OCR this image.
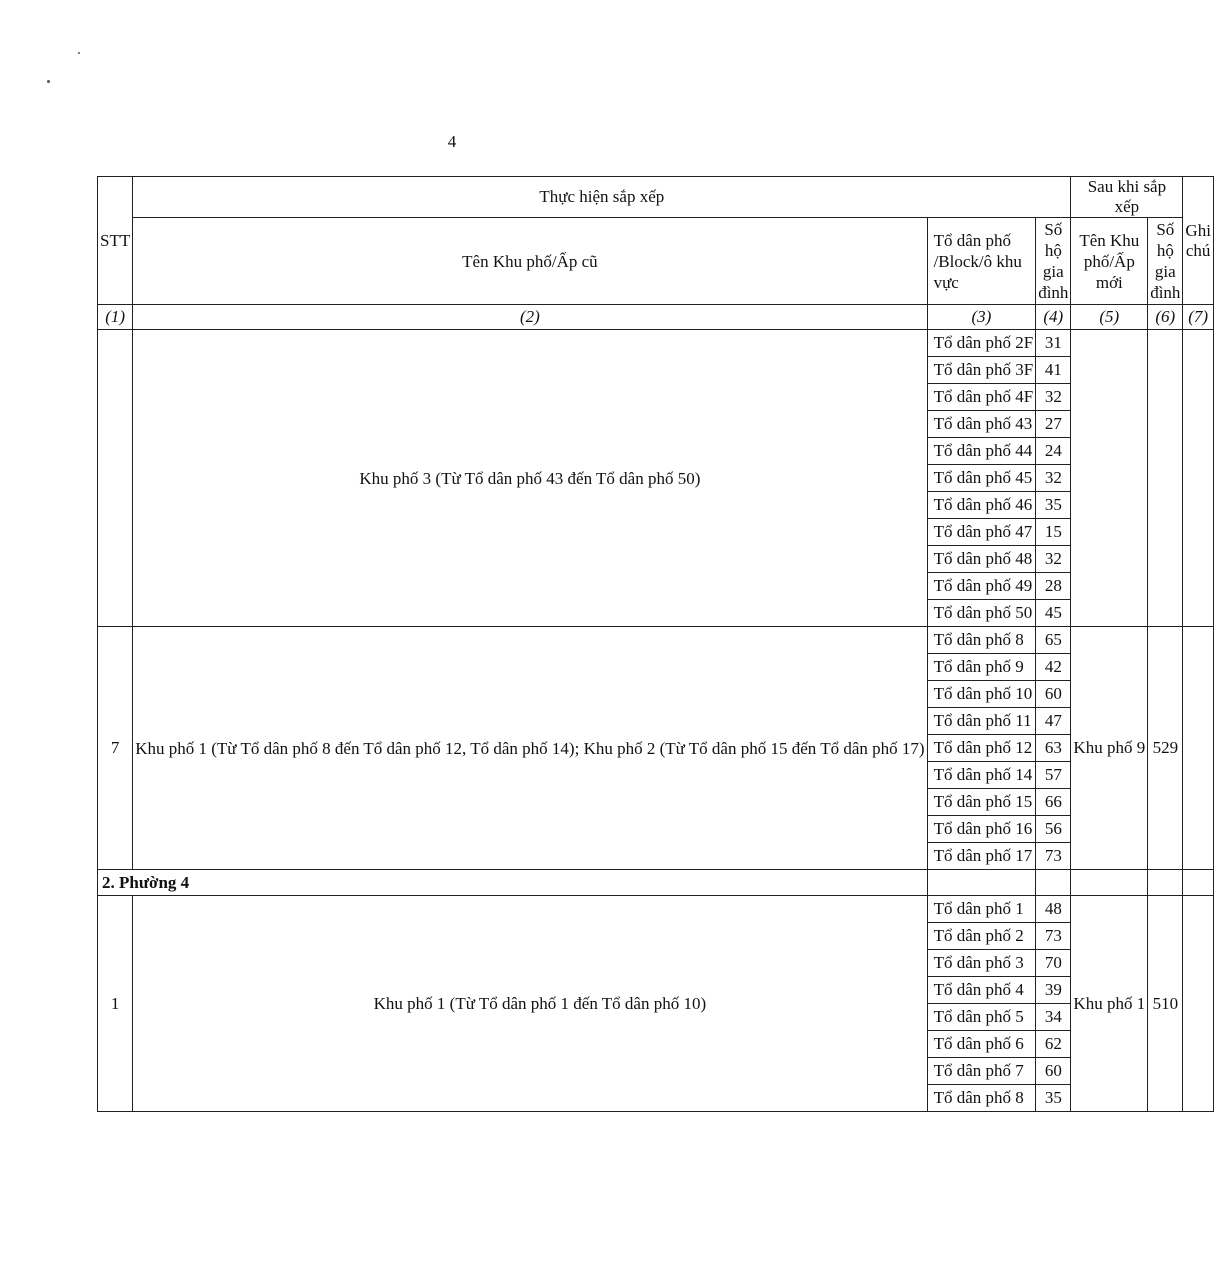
4
STT	Thực hiện sắp xếp			Sau khi sắp xếp		Ghi chú
	Tên Khu phố/Ấp cũ	Tổ dân phố /Block/ô khu vực	Số hộ gia đình	Tên Khu phố/Ấp mới	Số hộ gia đình	
(1)	(2)	(3)	(4)	(5)	(6)	(7)
	Khu phố 3 (Từ Tổ dân phố 43 đến Tổ dân phố 50)	Tổ dân phố 2F	31			
		Tổ dân phố 3F	41			
		Tổ dân phố 4F	32			
		Tổ dân phố 43	27			
		Tổ dân phố 44	24			
		Tổ dân phố 45	32			
		Tổ dân phố 46	35			
		Tổ dân phố 47	15			
		Tổ dân phố 48	32			
		Tổ dân phố 49	28			
		Tổ dân phố 50	45			
7	Khu phố 1 (Từ Tổ dân phố 8 đến Tổ dân phố 12, Tổ dân phố 14); Khu phố 2 (Từ Tổ dân phố 15 đến Tổ dân phố 17)	Tổ dân phố 8	65	Khu phố 9	529	
		Tổ dân phố 9	42			
		Tổ dân phố 10	60			
		Tổ dân phố 11	47			
		Tổ dân phố 12	63			
		Tổ dân phố 14	57			
		Tổ dân phố 15	66			
		Tổ dân phố 16	56			
		Tổ dân phố 17	73			
2. Phường 4						
1	Khu phố 1 (Từ Tổ dân phố 1 đến Tổ dân phố 10)	Tổ dân phố 1	48	Khu phố 1	510	
		Tổ dân phố 2	73			
		Tổ dân phố 3	70			
		Tổ dân phố 4	39			
		Tổ dân phố 5	34			
		Tổ dân phố 6	62			
		Tổ dân phố 7	60			
		Tổ dân phố 8	35			
